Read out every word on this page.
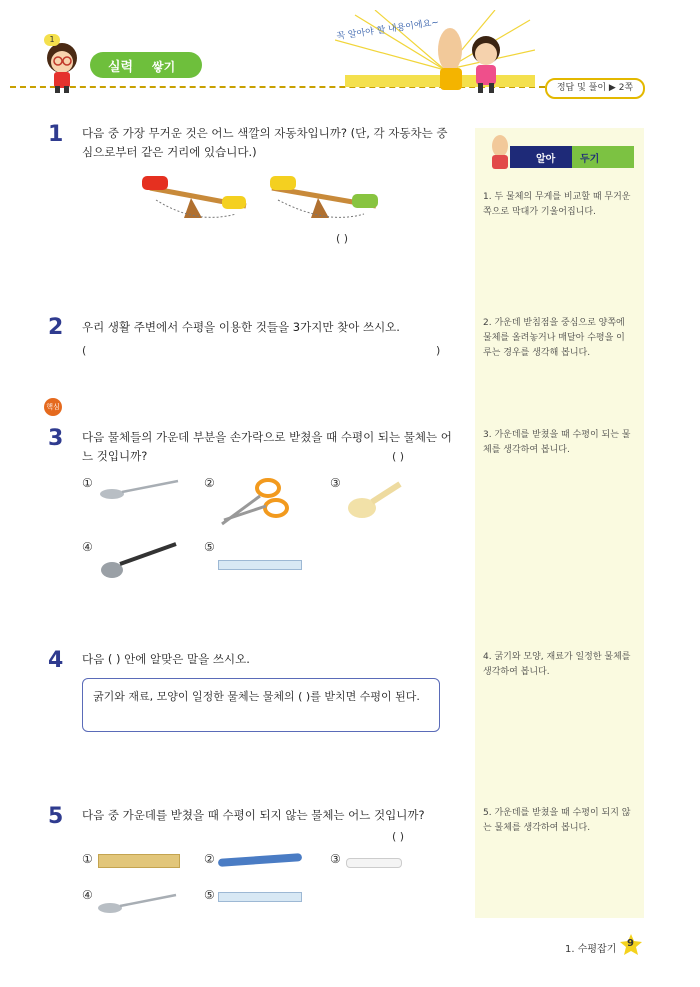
1
실력 쌓기
꼭 알아야 할 내용이에요~
정답 및 풀이 ▶ 2쪽
알아 두기
1. 두 물체의 무게를 비교할 때 무거운 쪽으로 막대가 기울어집니다.
2. 가운데 받침점을 중심으로 양쪽에 물체를 올려놓거나 매달아 수평을 이루는 경우를 생각해 봅니다.
3. 가운데를 받쳤을 때 수평이 되는 물체를 생각하여 봅니다.
4. 굵기와 모양, 재료가 일정한 물체를 생각하여 봅니다.
5. 가운데를 받쳤을 때 수평이 되지 않는 물체를 생각하여 봅니다.
1 다음 중 가장 무거운 것은 어느 색깔의 자동차입니까? (단, 각 자동차는 중심으로부터 같은 거리에 있습니다.)
( )
2 우리 생활 주변에서 수평을 이용한 것들을 3가지만 찾아 쓰시오.
(	)
핵심
3 다음 물체들의 가운데 부분을 손가락으로 받쳤을 때 수평이 되는 물체는 어느 것입니까?	( )
①	②	③
④	⑤
4 다음 ( ) 안에 알맞은 말을 쓰시오.
굵기와 재료, 모양이 일정한 물체는 물체의 ( )를 받치면 수평이 된다.
5 다음 중 가운데를 받쳤을 때 수평이 되지 않는 물체는 어느 것입니까?
( )
①	②	③
④	⑤
1. 수평잡기
9
